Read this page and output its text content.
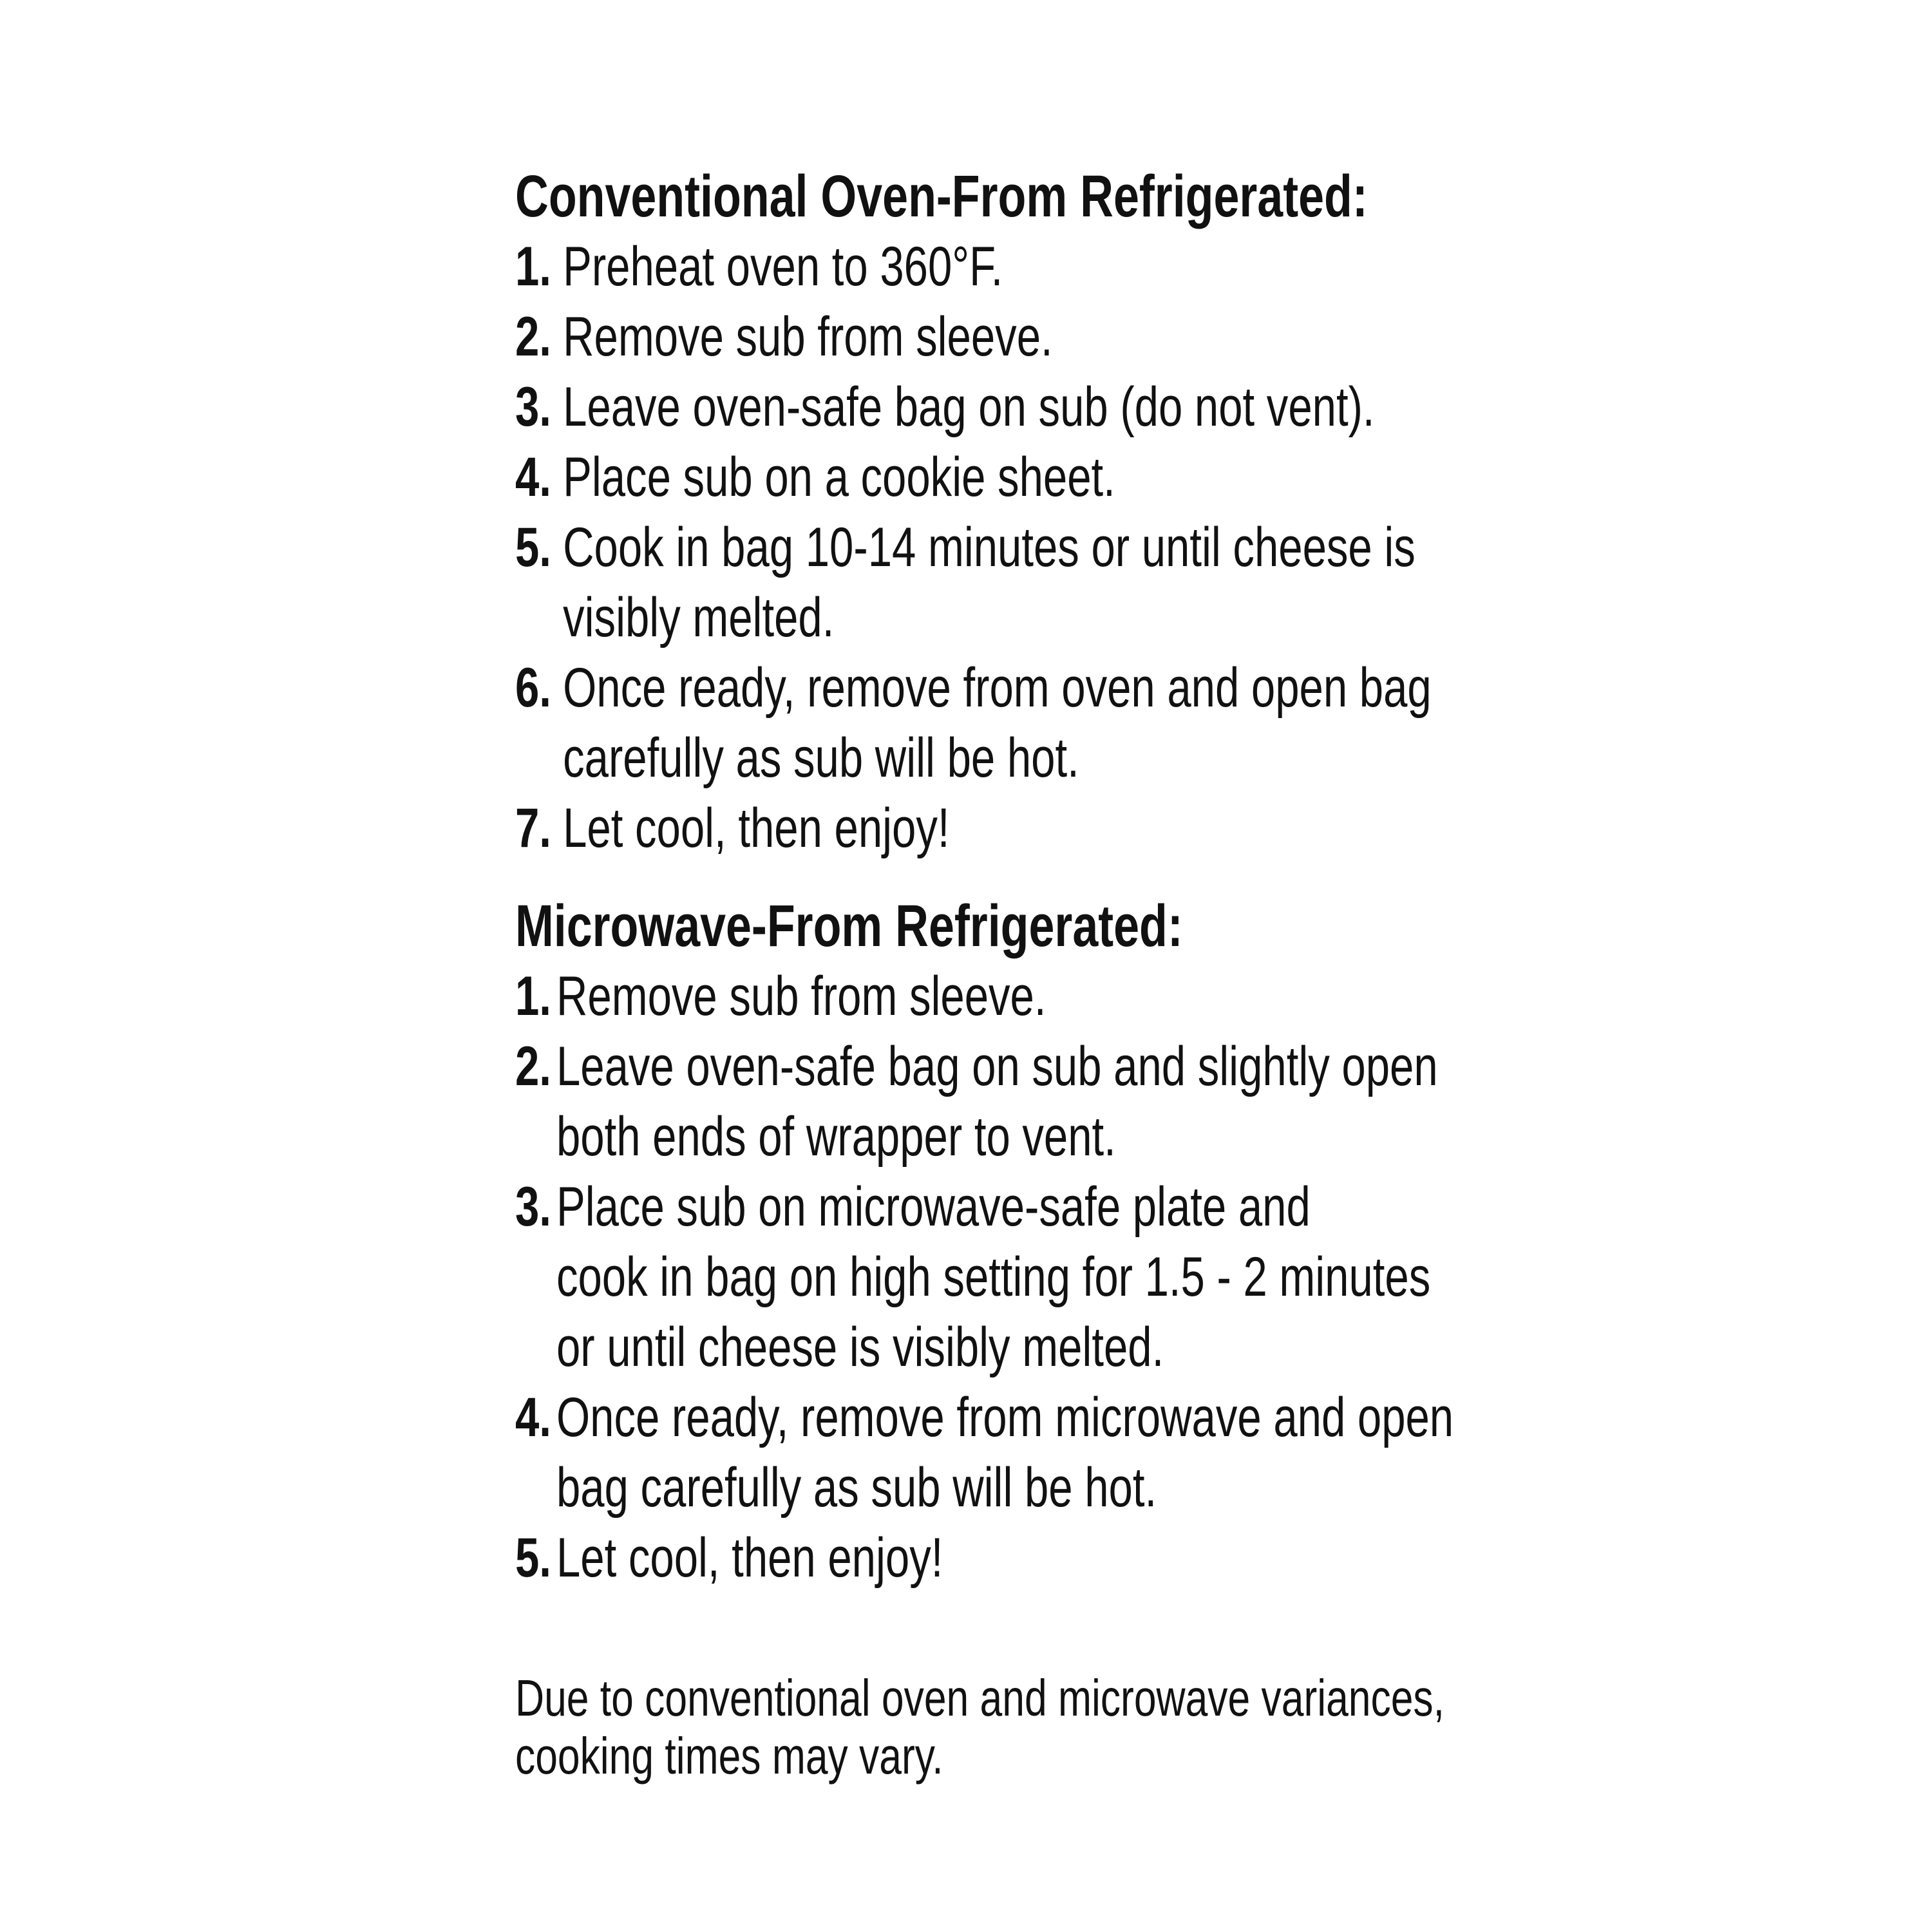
Conventional Oven-From Refrigerated:
1. Preheat oven to 360°F.
2. Remove sub from sleeve.
3. Leave oven-safe bag on sub (do not vent).
4. Place sub on a cookie sheet.
5. Cook in bag 10-14 minutes or until cheese is
visibly melted.
6. Once ready, remove from oven and open bag
carefully as sub will be hot.
7. Let cool, then enjoy!
Microwave-From Refrigerated:
1. Remove sub from sleeve.
2. Leave oven-safe bag on sub and slightly open
both ends of wrapper to vent.
3. Place sub on microwave-safe plate and
cook in bag on high setting for 1.5 - 2 minutes
or until cheese is visibly melted.
4. Once ready, remove from microwave and open
bag carefully as sub will be hot.
5. Let cool, then enjoy!
Due to conventional oven and microwave variances,
cooking times may vary.
